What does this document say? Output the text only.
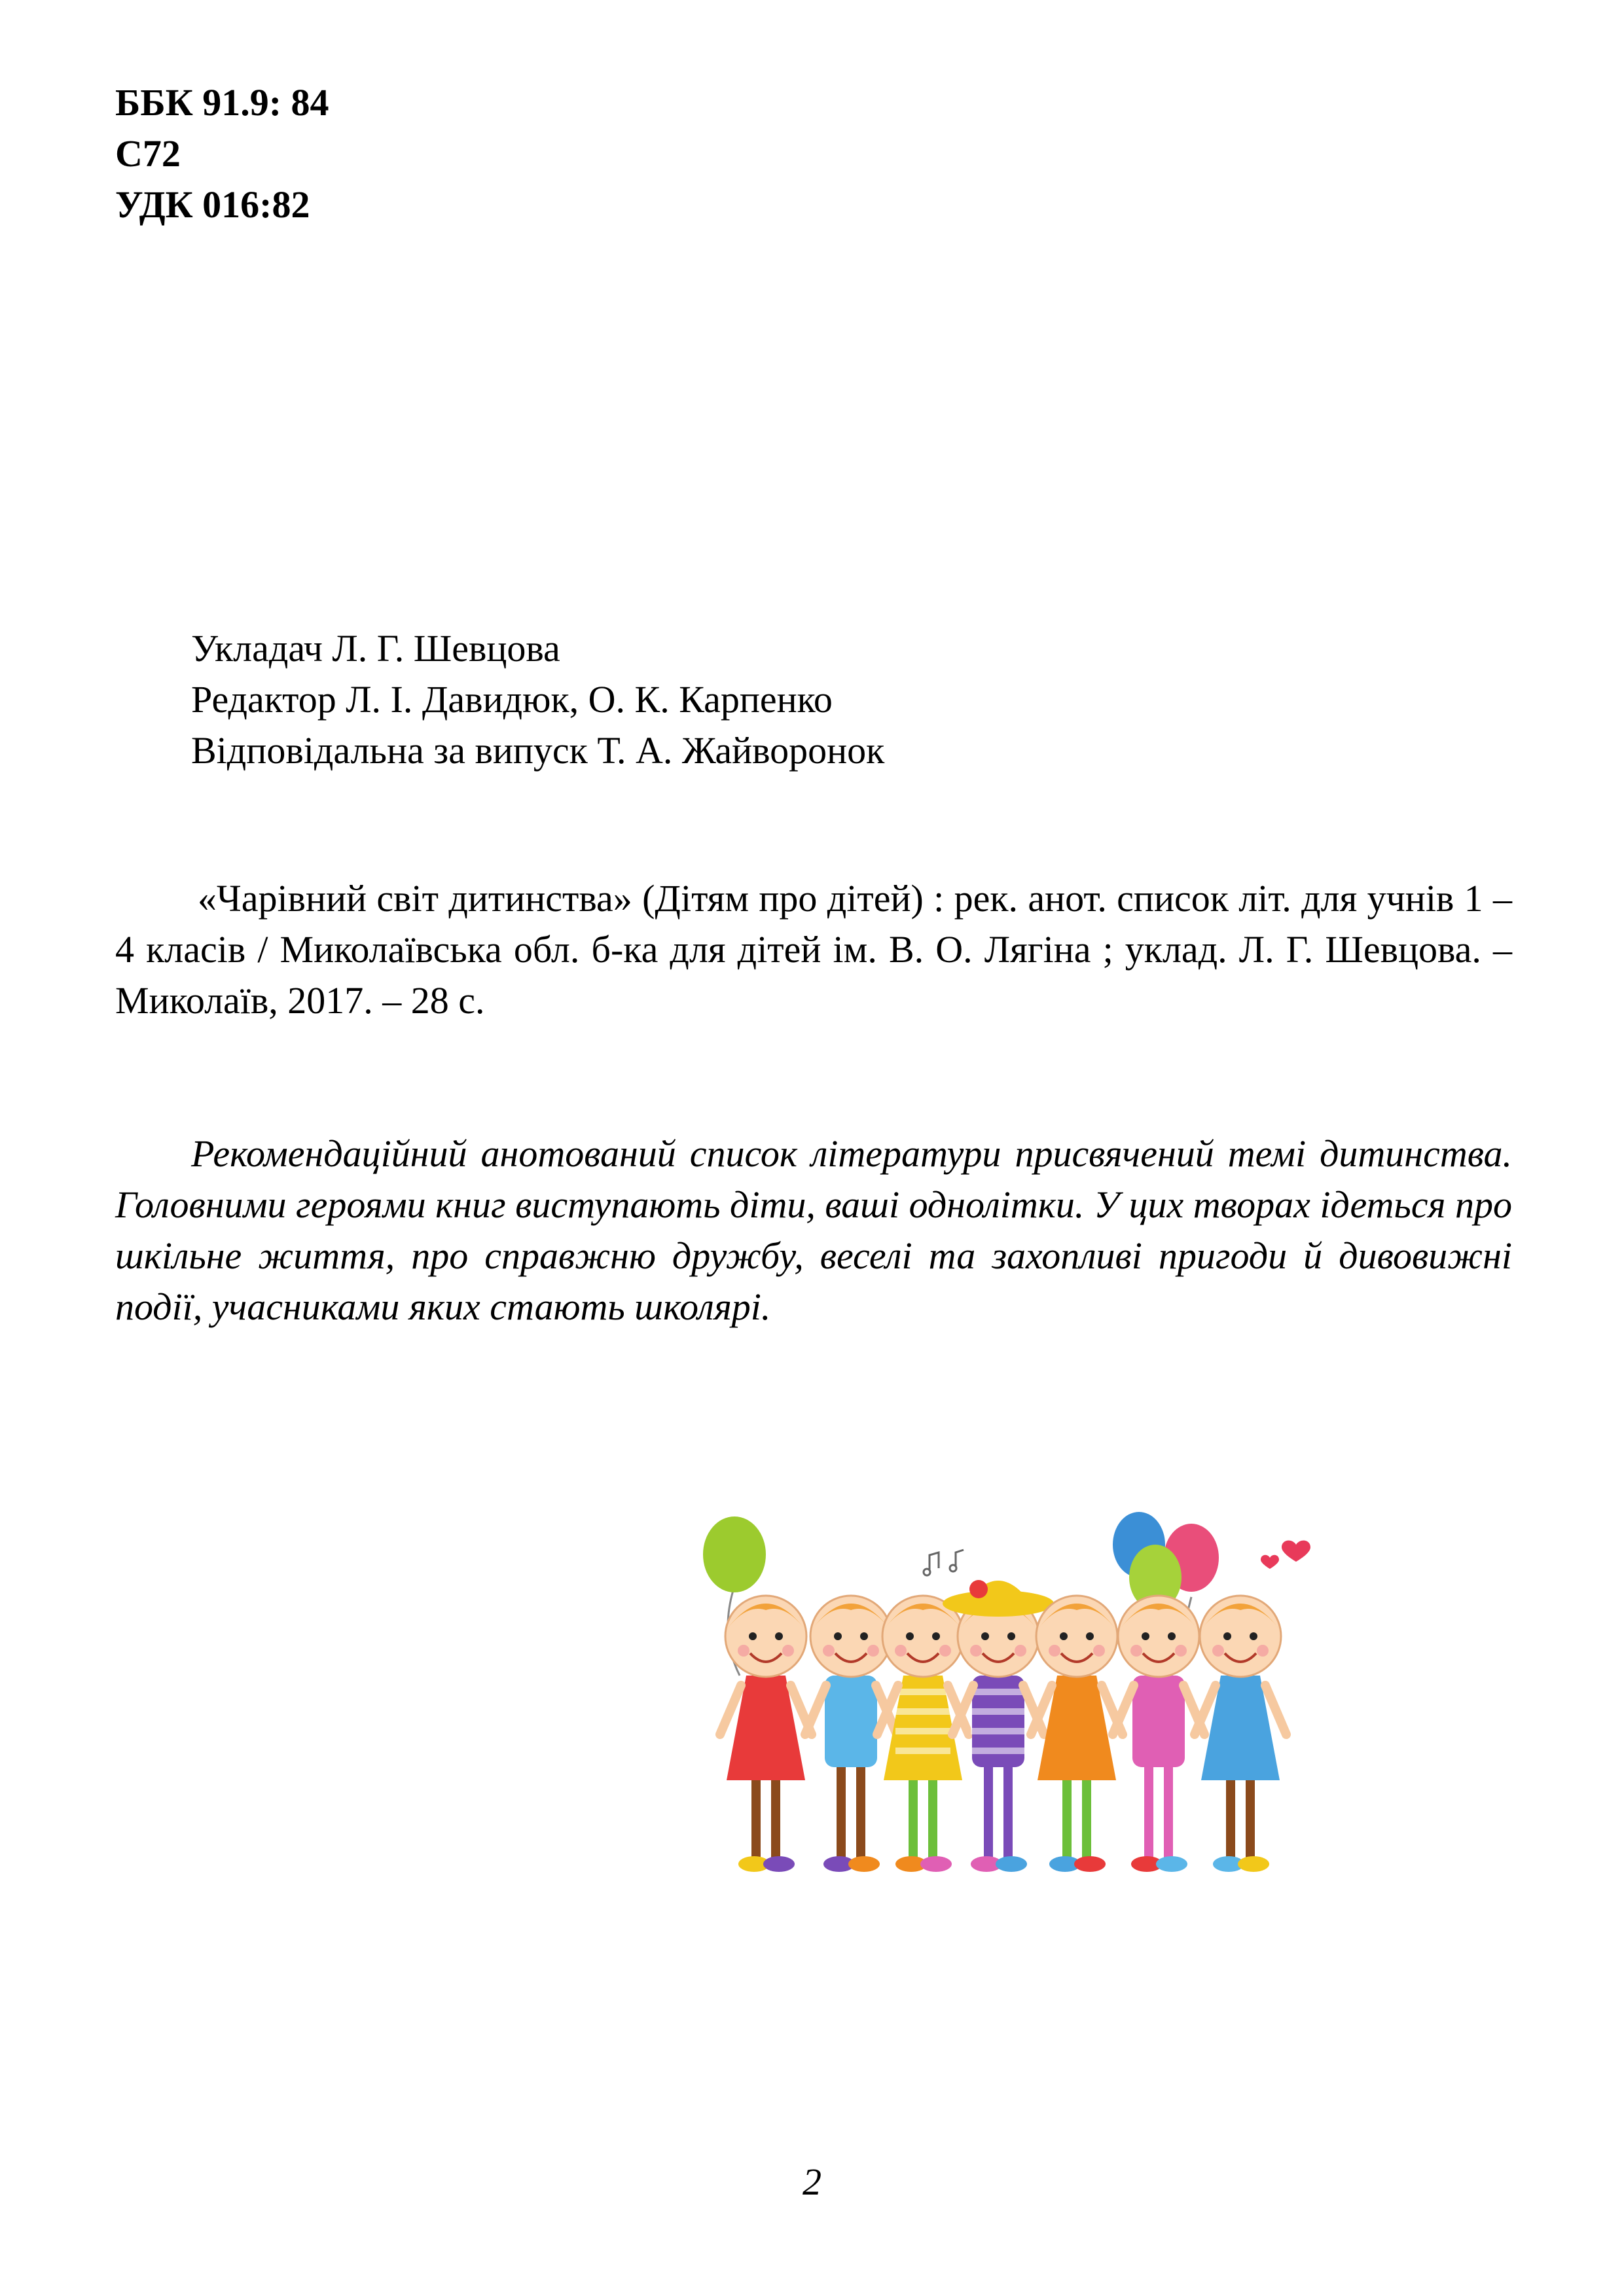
ББК 91.9: 84
С72
УДК 016:82
Укладач Л. Г. Шевцова
Редактор Л. І. Давидюк, О. К. Карпенко
Відповідальна за випуск Т. А. Жайворонок

«Чарівний світ дитинства» (Дітям про дітей) : рек. анот. список літ. для учнів 1 – 4 класів / Миколаївська обл. б-ка для дітей ім. В. О. Лягіна ; уклад. Л. Г. Шевцова. – Миколаїв, 2017. – 28 с.

Рекомендаційний анотований список літератури присвячений темі дитинства. Головними героями книг виступають діти, ваші однолітки. У цих творах ідеться про шкільне життя, про справжню дружбу, веселі та захопливі пригоди й дивовижні події, учасниками яких стають школярі.

2
